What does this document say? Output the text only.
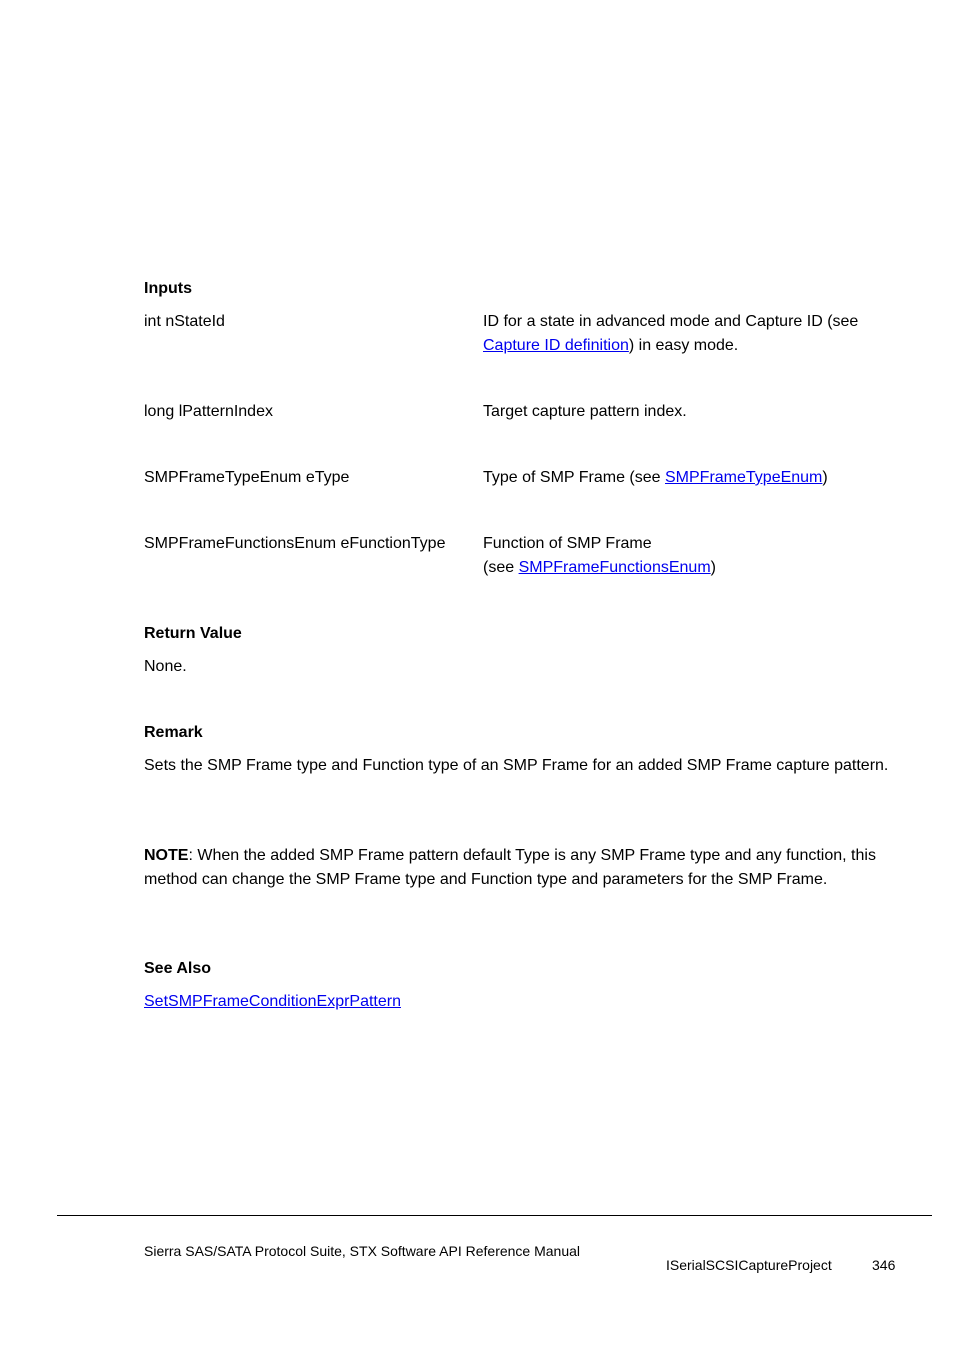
Inputs
int nStateId	ID for a state in advanced mode and Capture ID (see Capture ID definition) in easy mode.
long lPatternIndex	Target capture pattern index.
SMPFrameTypeEnum eType	Type of SMP Frame (see SMPFrameTypeEnum)
SMPFrameFunctionsEnum eFunctionType	Function of SMP Frame
(see SMPFrameFunctionsEnum)
Return Value
None.
Remark
Sets the SMP Frame type and Function type of an SMP Frame for an added SMP Frame capture pattern.
NOTE: When the added SMP Frame pattern default Type is any SMP Frame type and any function, this method can change the SMP Frame type and Function type and parameters for the SMP Frame.
See Also
SetSMPFrameConditionExprPattern
Sierra SAS/SATA Protocol Suite, STX Software API Reference Manual
ISerialSCSICaptureProject	346
